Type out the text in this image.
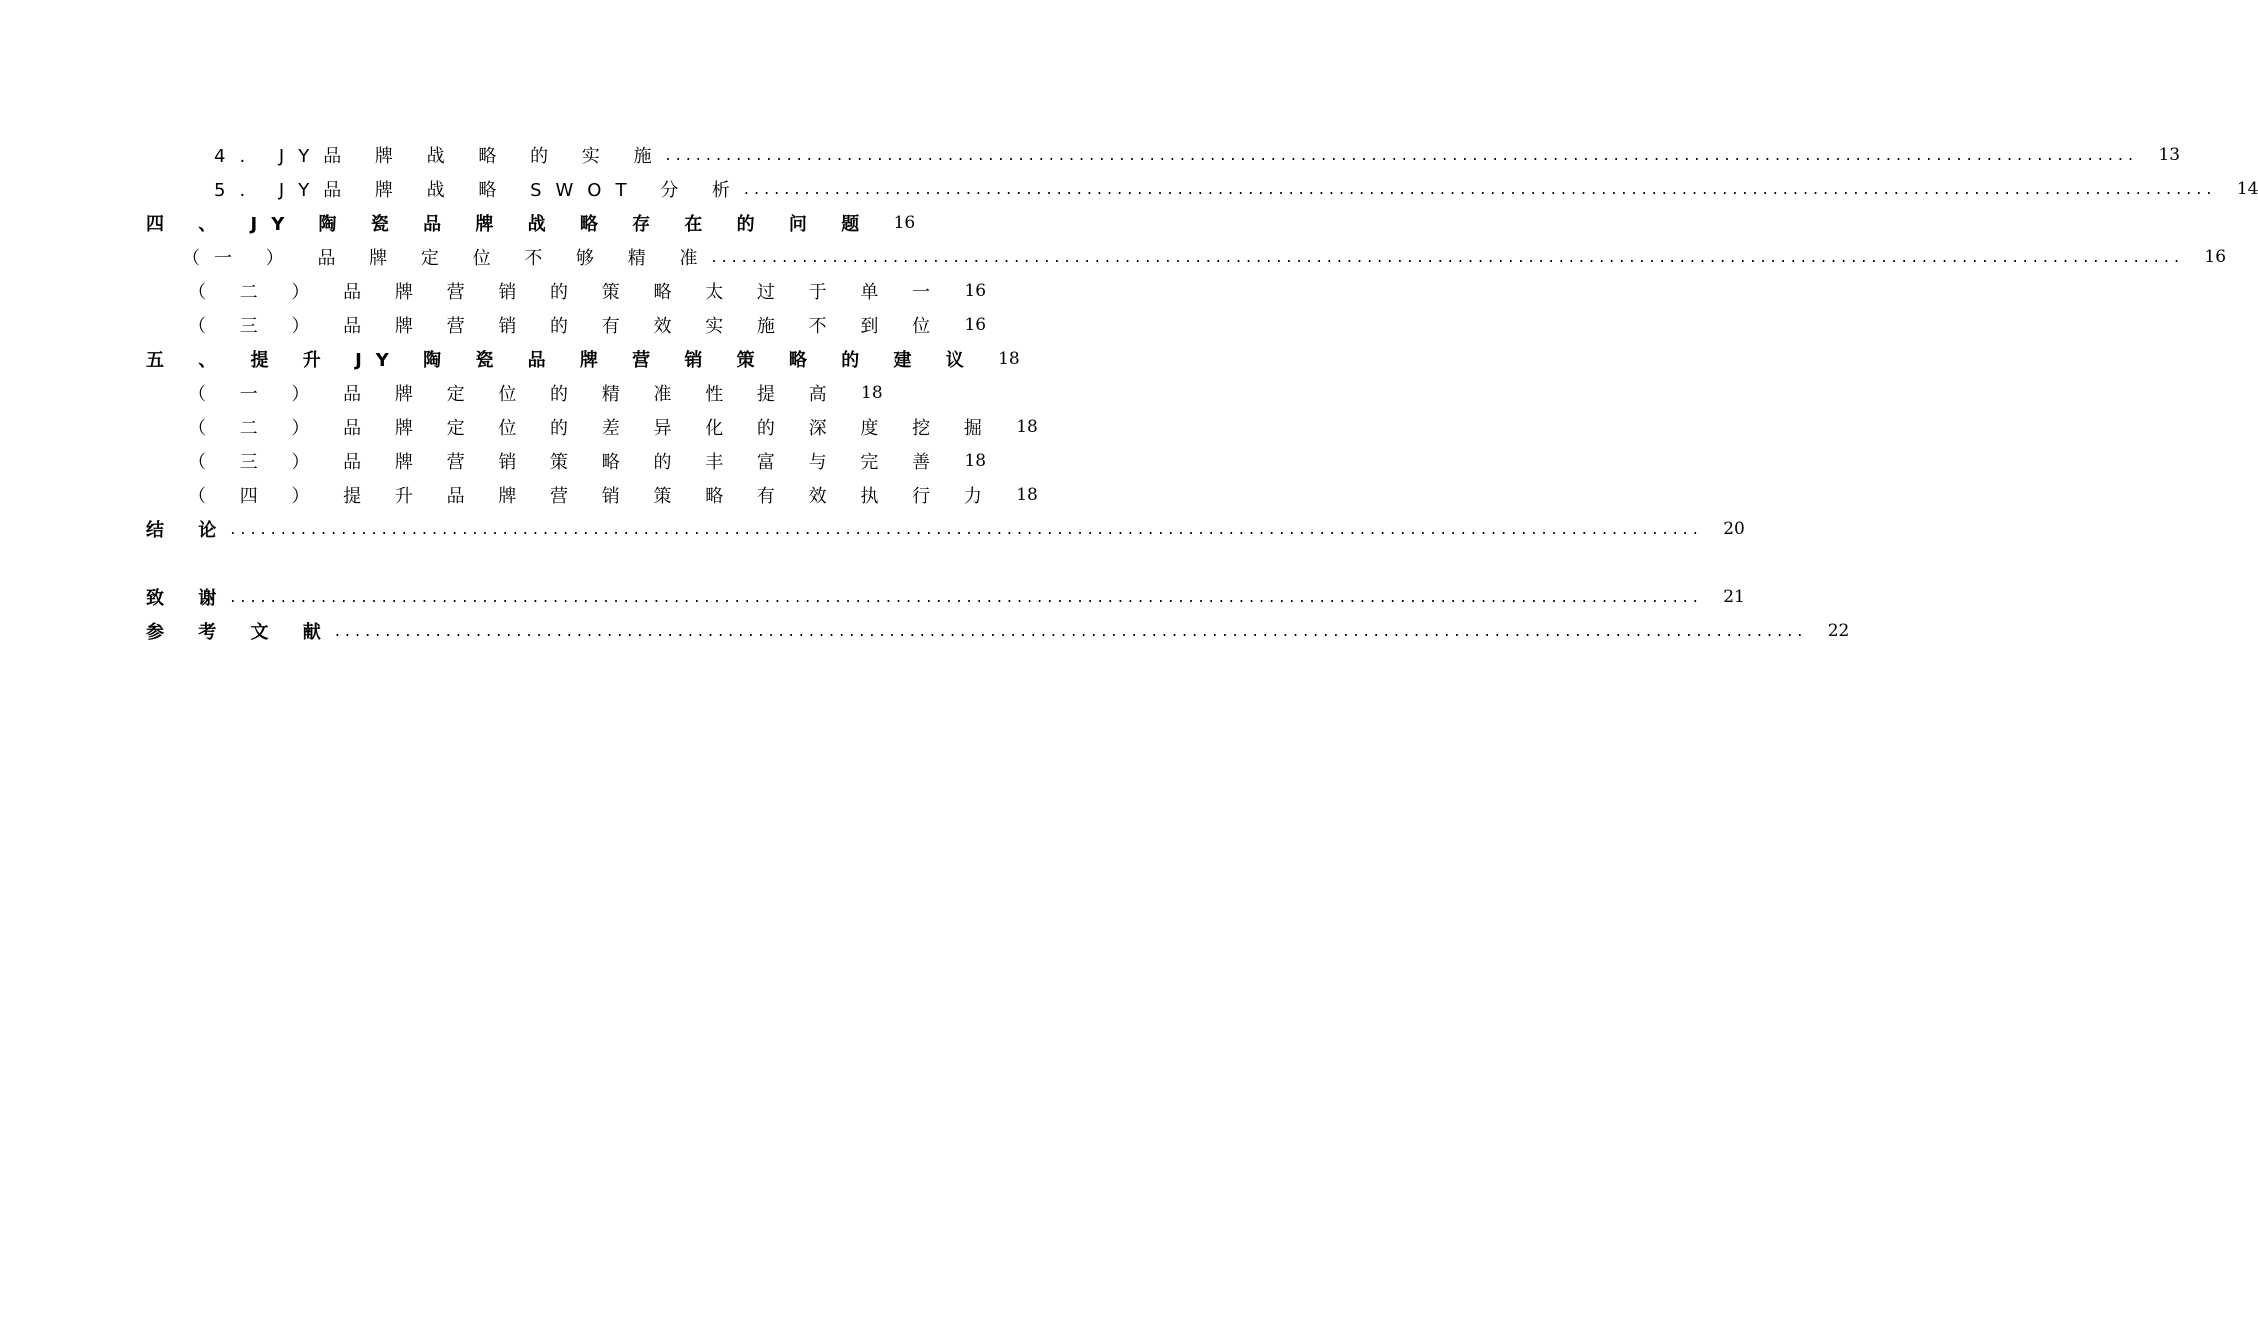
4. JY品 牌 战 略 的 实 施 .....	13
5. JY品 牌 战 略 SWOT 分 析 .....	14
四 、 JY 陶 瓷 品 牌 战 略 存 在 的 问 题 16
（一 ） 品 牌 定 位 不 够 精 准 .....	16
（ 二 ） 品 牌 营 销 的 策 略 太 过 于 单 一 16
（ 三 ） 品 牌 营 销 的 有 效 实 施 不 到 位 16
五 、 提 升 JY 陶 瓷 品 牌 营 销 策 略 的 建 议 18
（ 一 ） 品 牌 定 位 的 精 准 性 提 高 18
（ 二 ） 品 牌 定 位 的 差 异 化 的 深 度 挖 掘 18
（ 三 ） 品 牌 营 销 策 略 的 丰 富 与 完 善 18
（ 四 ） 提 升 品 牌 营 销 策 略 有 效 执 行 力 18
结 论 .....	20
致 谢 .....	21
参 考 文 献 .....	22
